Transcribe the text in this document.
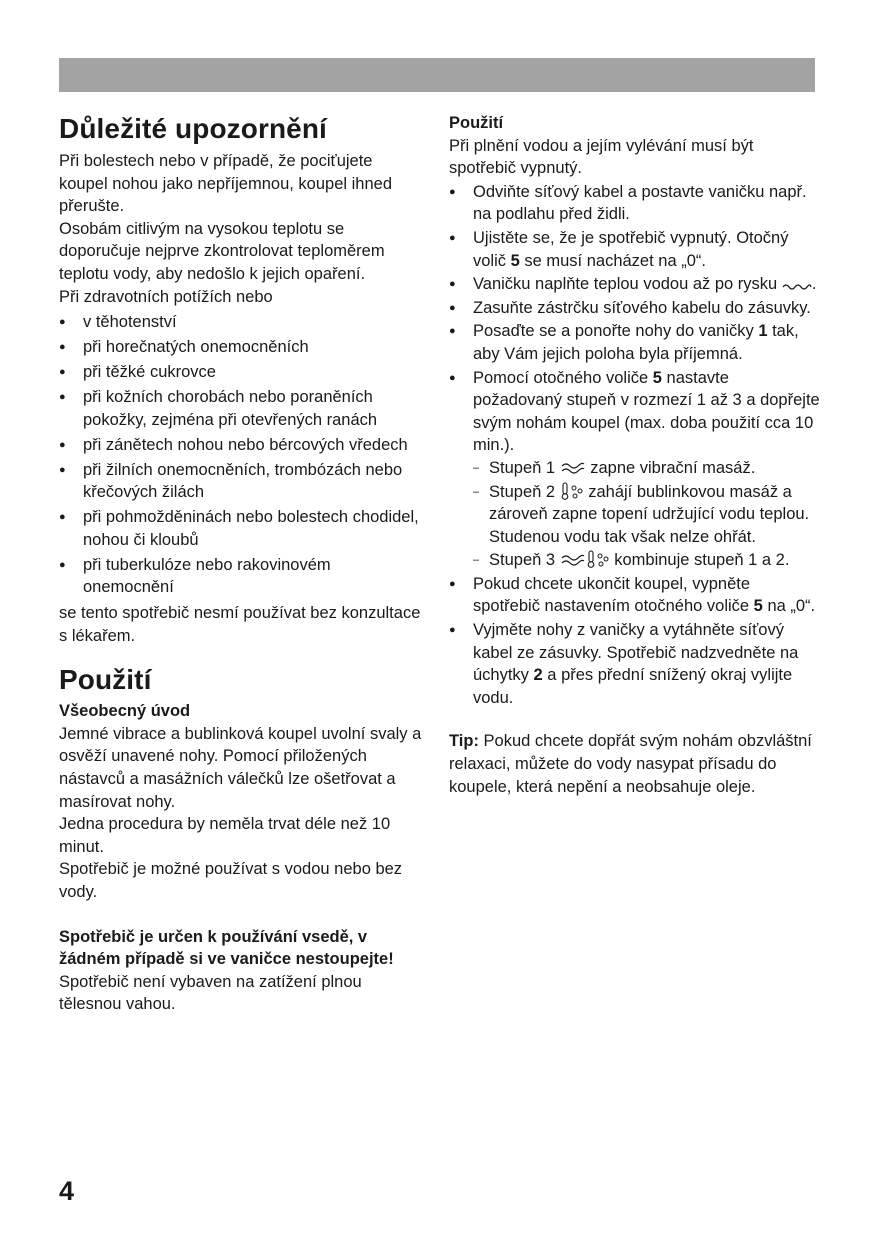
Důležité upozornění

Při bolestech nebo v případě, že pociťujete koupel nohou jako nepříjemnou, koupel ihned přerušte.

Osobám citlivým na vysokou teplotu se doporučuje nejprve zkontrolovat teploměrem teplotu vody, aby nedošlo k jejich opaření.

Při zdravotních potížích nebo

● v těhotenství
● při horečnatých onemocněních
● při těžké cukrovce
● při kožních chorobách nebo poraněních pokožky, zejména při otevřených ranách
● při zánětech nohou nebo bércových vředech
● při žilních onemocněních, trombózách nebo křečových žilách
● při pohmožděninách nebo bolestech chodidel, nohou či kloubů
● při tuberkulóze nebo rakovinovém onemocnění

se tento spotřebič nesmí používat bez konzultace s lékařem.

Použití

Všeobecný úvod

Jemné vibrace a bublinková koupel uvolní svaly a osvěží unavené nohy. Pomocí přiložených nástavců a masážních válečků lze ošetřovat a masírovat nohy.

Jedna procedura by neměla trvat déle než 10 minut.

Spotřebič je možné používat s vodou nebo bez vody.

Spotřebič je určen k používání vsedě, v žádném případě si ve vaničce nestoupejte!

Spotřebič není vybaven na zatížení plnou tělesnou vahou.

Použití

Při plnění vodou a jejím vylévání musí být spotřebič vypnutý.

● Odviňte síťový kabel a postavte vaničku např. na podlahu před židli.
● Ujistěte se, že je spotřebič vypnutý. Otočný volič 5 se musí nacházet na „0“.
● Vaničku naplňte teplou vodou až po rysku .
● Zasuňte zástrčku síťového kabelu do zásuvky.
● Posaďte se a ponořte nohy do vaničky 1 tak, aby Vám jejich poloha byla příjemná.
● Pomocí otočného voliče 5 nastavte požadovaný stupeň v rozmezí 1 až 3 a dopřejte svým nohám koupel (max. doba použití cca 10 min.).
– Stupeň 1  zapne vibrační masáž.
– Stupeň 2  zahájí bublinkovou masáž a zároveň zapne topení udržující vodu teplou. Studenou vodu tak však nelze ohřát.
– Stupeň 3	kombinuje stupeň 1 a 2.
● Pokud chcete ukončit koupel, vypněte spotřebič nastavením otočného voliče 5 na „0“.
● Vyjměte nohy z vaničky a vytáhněte síťový kabel ze zásuvky. Spotřebič nadzvedněte na úchytky 2 a přes přední snížený okraj vylijte vodu.

Tip: Pokud chcete dopřát svým nohám obzvláštní relaxaci, můžete do vody nasypat přísadu do koupele, která nepění a neobsahuje oleje.

4
